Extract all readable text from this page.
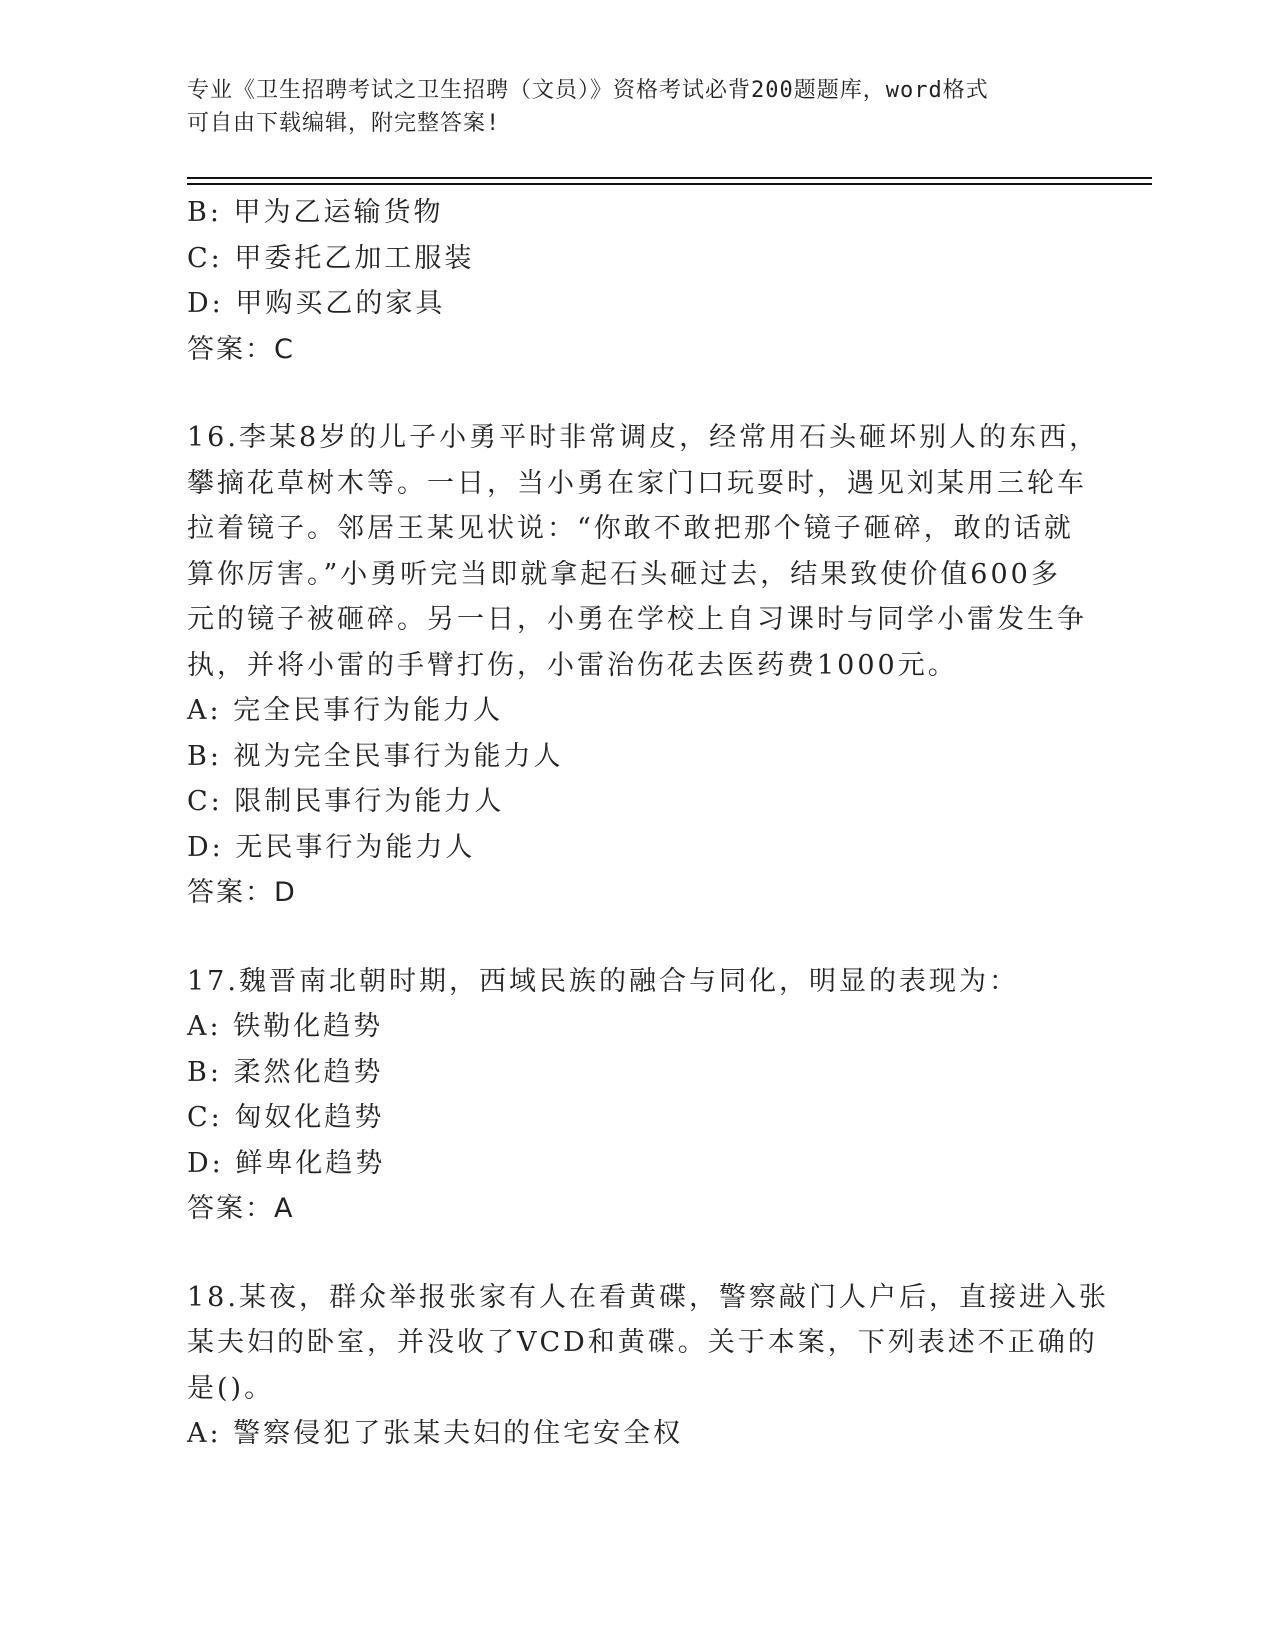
专业《卫生招聘考试之卫生招聘（文员）》资格考试必背200题题库，word格式
可自由下载编辑，附完整答案!
B: 甲为乙运输货物
C: 甲委托乙加工服装
D: 甲购买乙的家具
答案：C
16.李某8岁的儿子小勇平时非常调皮，经常用石头砸坏别人的东西，
攀摘花草树木等。一日，当小勇在家门口玩耍时，遇见刘某用三轮车
拉着镜子。邻居王某见状说：“你敢不敢把那个镜子砸碎，敢的话就
算你厉害。”小勇听完当即就拿起石头砸过去，结果致使价值600多
元的镜子被砸碎。另一日，小勇在学校上自习课时与同学小雷发生争
执，并将小雷的手臂打伤，小雷治伤花去医药费1000元。
A: 完全民事行为能力人
B: 视为完全民事行为能力人
C: 限制民事行为能力人
D: 无民事行为能力人
答案：D
17.魏晋南北朝时期，西域民族的融合与同化，明显的表现为：
A: 铁勒化趋势
B: 柔然化趋势
C: 匈奴化趋势
D: 鲜卑化趋势
答案：A
18.某夜，群众举报张家有人在看黄碟，警察敲门人户后，直接进入张
某夫妇的卧室，并没收了VCD和黄碟。关于本案，下列表述不正确的
是()。
A: 警察侵犯了张某夫妇的住宅安全权
